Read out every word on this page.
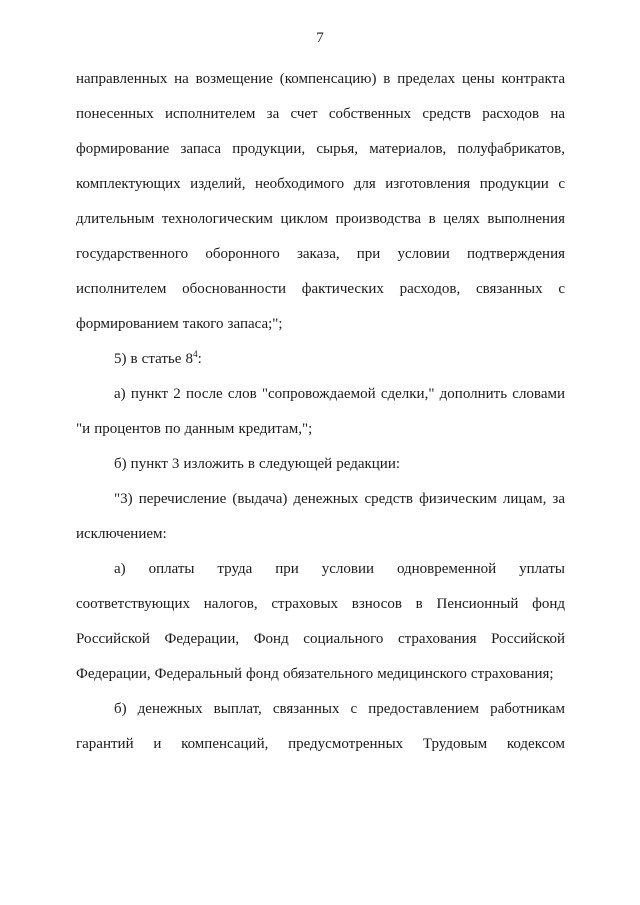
7
направленных на возмещение (компенсацию) в пределах цены контракта
понесенных исполнителем за счет собственных средств расходов на
формирование запаса продукции, сырья, материалов, полуфабрикатов,
комплектующих изделий, необходимого для изготовления продукции с
длительным технологическим циклом производства в целях выполнения
государственного оборонного заказа, при условии подтверждения
исполнителем обоснованности фактических расходов, связанных с
формированием такого запаса;";
5) в статье $8^4$:
а) пункт 2 после слов "сопровождаемой сделки," дополнить словами
"и процентов по данным кредитам,";
б) пункт 3 изложить в следующей редакции:
"3) перечисление (выдача) денежных средств физическим лицам, за
исключением:
а) оплаты труда при условии одновременной уплаты
соответствующих налогов, страховых взносов в Пенсионный фонд
Российской Федерации, Фонд социального страхования Российской
Федерации, Федеральный фонд обязательного медицинского страхования;
б) денежных выплат, связанных с предоставлением работникам
гарантий и компенсаций, предусмотренных Трудовым кодексом
